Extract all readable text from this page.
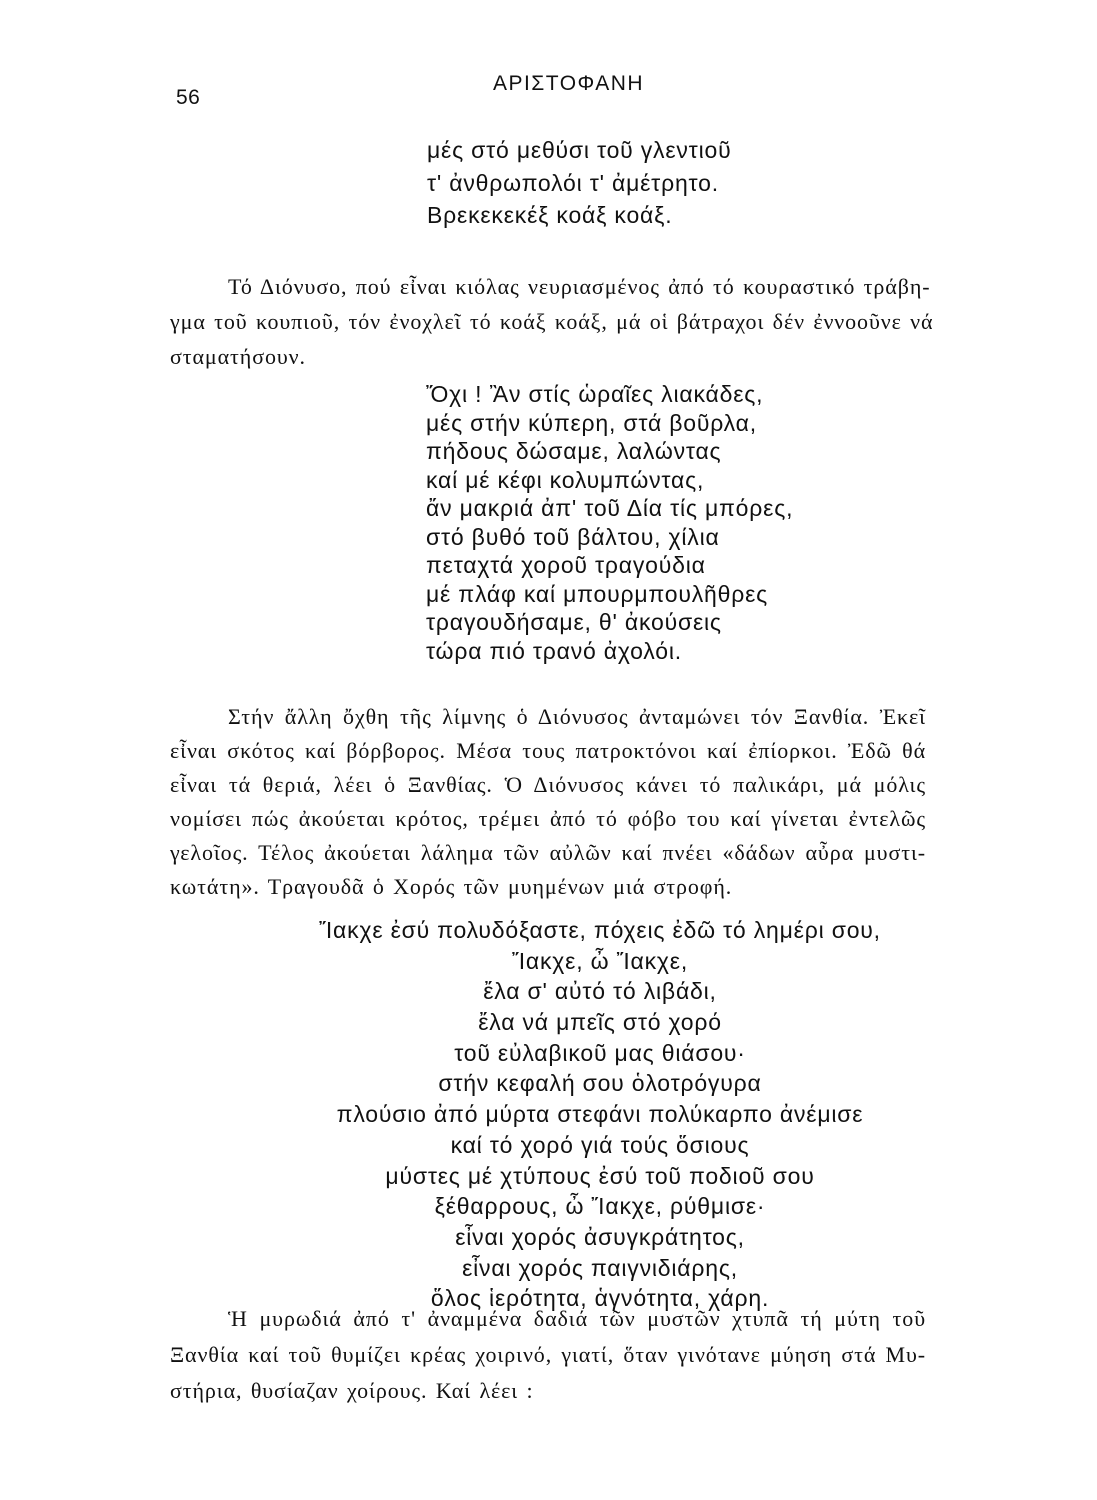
56
ΑΡΙΣΤΟΦΑΝΗ
μές στό μεθύσι τοῦ γλεντιοῦ
τ' ἀνθρωπολόι τ' ἀμέτρητο.
Βρεκεκεκέξ κοάξ κοάξ.
Τό Διόνυσο, πού εἶναι κιόλας νευριασμένος ἀπό τό κουραστικό τράβη-
γμα τοῦ κουπιοῦ, τόν ἐνοχλεῖ τό κοάξ κοάξ, μά οἱ βάτραχοι δέν ἐννοοῦνε νά
σταματήσουν.
Ὄχι ! Ἂν στίς ὡραῖες λιακάδες,
μές στήν κύπερη, στά βοῦρλα,
πήδους δώσαμε, λαλώντας
καί μέ κέφι κολυμπώντας,
ἄν μακριά ἀπ' τοῦ Δία τίς μπόρες,
στό βυθό τοῦ βάλτου, χίλια
πεταχτά χοροῦ τραγούδια
μέ πλάφ καί μπουρμπουλῆθρες
τραγουδήσαμε, θ' ἀκούσεις
τώρα πιό τρανό ἀχολόι.
Στήν ἄλλη ὄχθη τῆς λίμνης ὁ Διόνυσος ἀνταμώνει τόν Ξανθία. Ἐκεῖ
εἶναι σκότος καί βόρβορος. Μέσα τους πατροκτόνοι καί ἐπίορκοι. Ἐδῶ θά
εἶναι τά θεριά, λέει ὁ Ξανθίας. Ὁ Διόνυσος κάνει τό παλικάρι, μά μόλις
νομίσει πώς ἀκούεται κρότος, τρέμει ἀπό τό φόβο του καί γίνεται ἐντελῶς
γελοῖος. Τέλος ἀκούεται λάλημα τῶν αὐλῶν καί πνέει «δάδων αὖρα μυστι-
κωτάτη». Τραγουδᾶ ὁ Χορός τῶν μυημένων μιά στροφή.
Ἴακχε ἐσύ πολυδόξαστε, πόχεις ἐδῶ τό λημέρι σου,
Ἴακχε, ὦ Ἴακχε,
ἔλα σ' αὐτό τό λιβάδι,
ἔλα νά μπεῖς στό χορό
τοῦ εὐλαβικοῦ μας θιάσου·
στήν κεφαλή σου ὁλοτρόγυρα
πλούσιο ἀπό μύρτα στεφάνι πολύκαρπο ἀνέμισε
καί τό χορό γιά τούς ὅσιους
μύστες μέ χτύπους ἐσύ τοῦ ποδιοῦ σου
ξέθαρρους, ὦ Ἴακχε, ρύθμισε·
εἶναι χορός ἀσυγκράτητος,
εἶναι χορός παιγνιδιάρης,
ὅλος ἱερότητα, ἁγνότητα, χάρη.
Ἡ μυρωδιά ἀπό τ' ἀναμμένα δαδιά τῶν μυστῶν χτυπᾶ τή μύτη τοῦ
Ξανθία καί τοῦ θυμίζει κρέας χοιρινό, γιατί, ὅταν γινότανε μύηση στά Μυ-
στήρια, θυσίαζαν χοίρους. Καί λέει :
